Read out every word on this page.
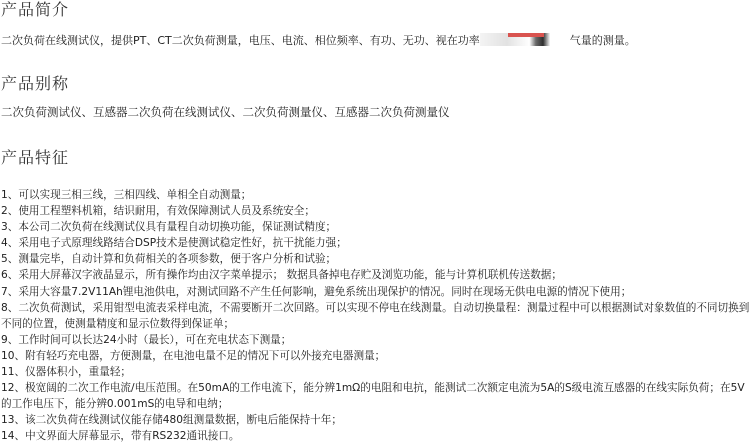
产品简介
二次负荷在线测试仪，提供PT、CT二次负荷测量，电压、电流、相位频率、有功、无功、视在功率	气量的测量。
产品别称
二次负荷测试仪、互感器二次负荷在线测试仪、二次负荷测量仪、互感器二次负荷测量仪
产品特征
1、可以实现三相三线，三相四线、单相全自动测量；
2、使用工程塑料机箱，结识耐用，有效保障测试人员及系统安全；
3、本公司二次负荷在线测试仪具有量程自动切换功能，保证测试精度；
4、采用电子式原理线路结合DSP技术是使测试稳定性好，抗干扰能力强；
5、测量完毕，自动计算和负荷相关的各项参数，便于客户分析和试验；
6、采用大屏幕汉字液晶显示，所有操作均由汉字菜单提示； 数据具备掉电存贮及浏览功能，能与计算机联机传送数据；
7、采用大容量7.2V11Ah锂电池供电，对测试回路不产生任何影响，避免系统出现保护的情况。同时在现场无供电电源的情况下使用；
8、二次负荷测试，采用钳型电流表采样电流，不需要断开二次回路。可以实现不停电在线测量。自动切换量程：测量过程中可以根据测试对象数值的不同切换到不同的位置，使测量精度和显示位数得到保证单；
9、工作时间可以长达24小时（最长），可在充电状态下测量；
10、附有轻巧充电器，方便测量，在电池电量不足的情况下可以外接充电器测量；
11、仪器体积小，重量轻；
12、极宽阔的二次工作电流/电压范围。在50mA的工作电流下，能分辨1mΩ的电阻和电抗，能测试二次额定电流为5A的S级电流互感器的在线实际负荷；在5V的工作电压下，能分辨0.001mS的电导和电纳；
13、该二次负荷在线测试仪能存储480组测量数据，断电后能保持十年；
14、中文界面大屏幕显示，带有RS232通讯接口。
